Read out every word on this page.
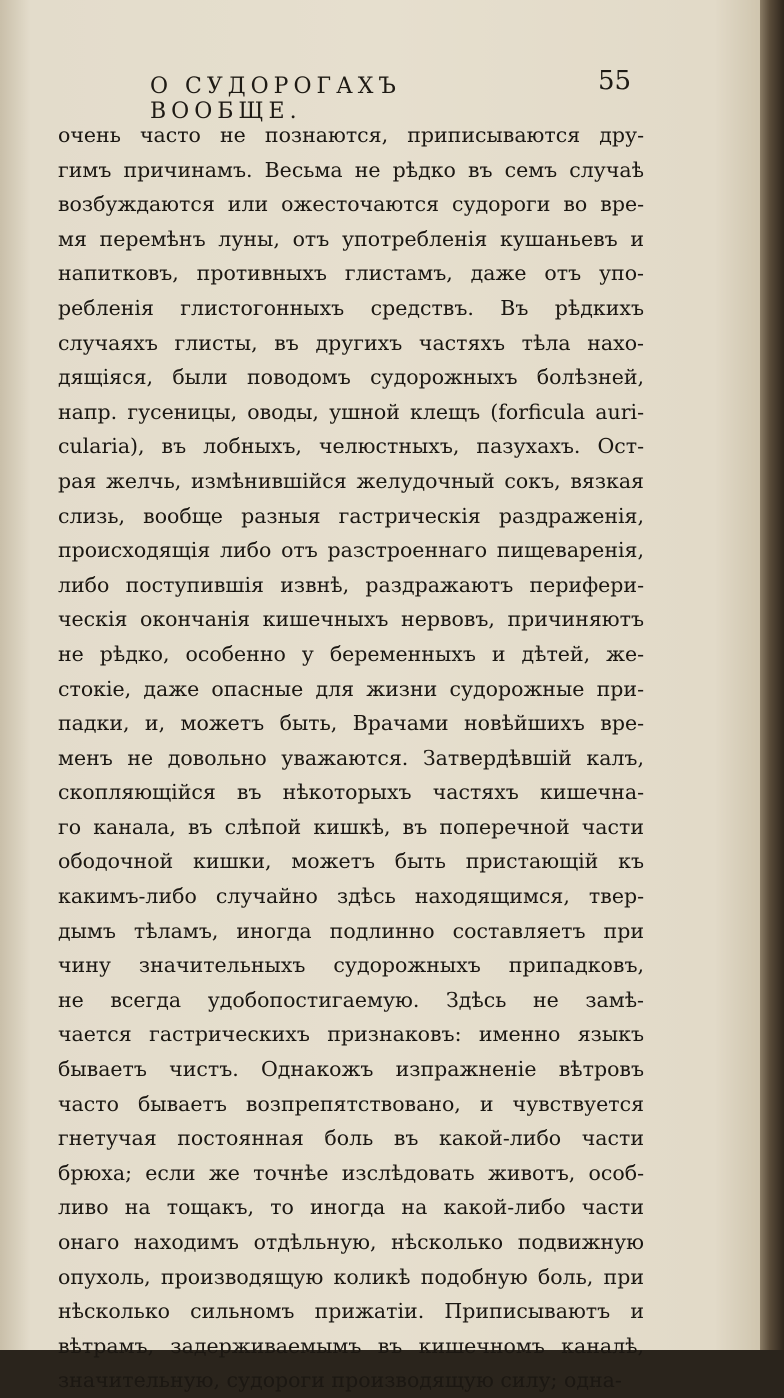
О СУДОРОГАХЪ ВООБЩЕ.
55
очень часто не познаются, приписываются дру-
гимъ причинамъ. Весьма не рѣдко въ семъ случаѣ
возбуждаются или ожесточаются судороги во вре-
мя перемѣнъ луны, отъ употребленія кушаньевъ и
напитковъ, противныхъ глистамъ, даже отъ упо-
ребленія глистогонныхъ средствъ. Въ рѣдкихъ
случаяхъ глисты, въ другихъ частяхъ тѣла нахо-
дящіяся, были поводомъ судорожныхъ болѣзней,
напр. гусеницы, оводы, ушной клещъ (forficula auri-
cularia), въ лобныхъ, челюстныхъ, пазухахъ. Ост-
рая желчь, измѣнившійся желудочный сокъ, вязкая
слизь, вообще разныя гастрическія раздраженія,
происходящія либо отъ разстроеннаго пищеваренія,
либо поступившія извнѣ, раздражаютъ перифери-
ческія окончанія кишечныхъ нервовъ, причиняютъ
не рѣдко, особенно у беременныхъ и дѣтей, же-
стокіе, даже опасные для жизни судорожные при-
падки, и, можетъ быть, Врачами новѣйшихъ вре-
менъ не довольно уважаются. Затвердѣвшій калъ,
скопляющійся въ нѣкоторыхъ частяхъ кишечна-
го канала, въ слѣпой кишкѣ, въ поперечной части
ободочной кишки, можетъ быть пристающій къ
какимъ-либо случайно здѣсь находящимся, твер-
дымъ тѣламъ, иногда подлинно составляетъ при
чину значительныхъ судорожныхъ припадковъ,
не всегда удобопостигаемую. Здѣсь не замѣ-
чается гастрическихъ признаковъ: именно языкъ
бываетъ чистъ. Однакожъ изпражненіе вѣтровъ
часто бываетъ возпрепятствовано, и чувствуется
гнетучая постоянная боль въ какой-либо части
брюха; если же точнѣе изслѣдовать животъ, особ-
ливо на тощакъ, то иногда на какой-либо части
онаго находимъ отдѣльную, нѣсколько подвижную
опухоль, производящую коликѣ подобную боль, при
нѣсколько сильномъ прижатіи. Приписываютъ и
вѣтрамъ, задерживаемымъ въ кишечномъ каналѣ,
значительную, судороги производящую силу; одна-
